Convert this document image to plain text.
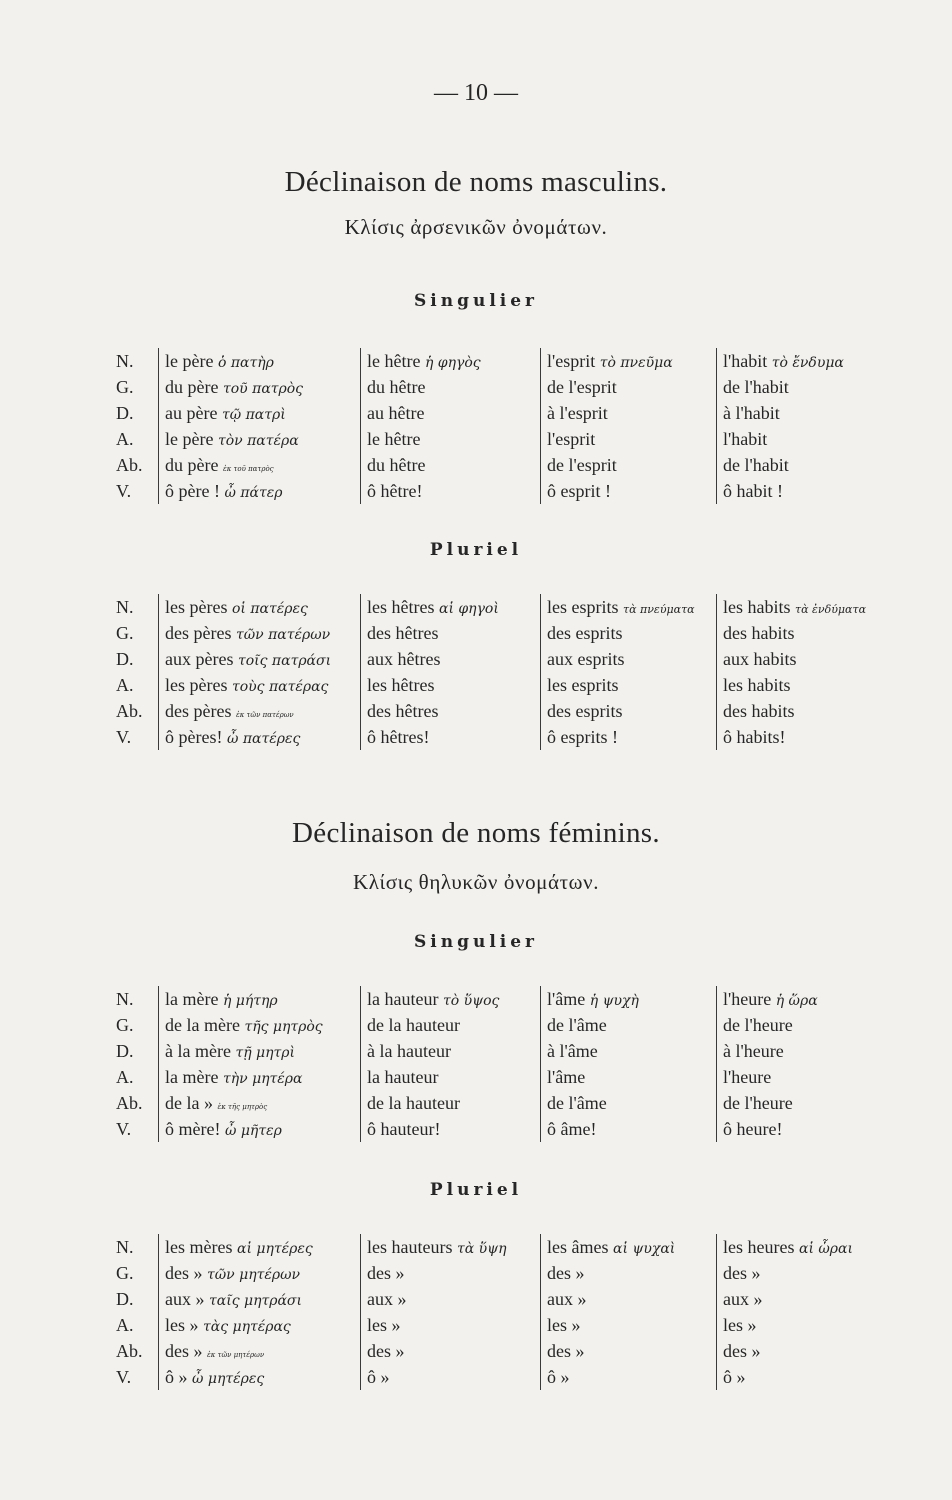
— 10 —
Déclinaison de noms masculins.
Κλίσις ἀρσενικῶν ὀνομάτων.
Singulier
N.	le père ὁ πατὴρ	le hêtre ἡ φηγὸς	l'esprit τὸ πνεῦμα	l'habit τὸ ἔνδυμα
G.	du père τοῦ πατρὸς	du hêtre	de l'esprit	de l'habit
D.	au père τῷ πατρὶ	au hêtre	à l'esprit	à l'habit
A.	le père τὸν πατέρα	le hêtre	l'esprit	l'habit
Ab.	du père ἐκ τοῦ πατρὸς	du hêtre	de l'esprit	de l'habit
V.	ô père ! ὦ πάτερ	ô hêtre!	ô esprit !	ô habit !
Pluriel
N.	les pères οἱ πατέρες	les hêtres αἱ φηγοὶ	les esprits τὰ πνεύματα	les habits τὰ ἐνδύματα
G.	des pères τῶν πατέρων	des hêtres	des esprits	des habits
D.	aux pères τοῖς πατράσι	aux hêtres	aux esprits	aux habits
A.	les pères τοὺς πατέρας	les hêtres	les esprits	les habits
Ab.	des pères ἐκ τῶν πατέρων	des hêtres	des esprits	des habits
V.	ô pères! ὦ πατέρες	ô hêtres!	ô esprits !	ô habits!
Déclinaison de noms féminins.
Κλίσις θηλυκῶν ὀνομάτων.
Singulier
N.	la mère ἡ μήτηρ	la hauteur τὸ ὕψος	l'âme ἡ ψυχὴ	l'heure ἡ ὥρα
G.	de la mère τῆς μητρὸς	de la hauteur	de l'âme	de l'heure
D.	à la mère τῇ μητρὶ	à la hauteur	à l'âme	à l'heure
A.	la mère τὴν μητέρα	la hauteur	l'âme	l'heure
Ab.	de la » ἐκ τῆς μητρὸς	de la hauteur	de l'âme	de l'heure
V.	ô mère! ὦ μῆτερ	ô hauteur!	ô âme!	ô heure!
Pluriel
N.	les mères αἱ μητέρες	les hauteurs τὰ ὕψη	les âmes αἱ ψυχαὶ	les heures αἱ ὧραι
G.	des » τῶν μητέρων	des »	des »	des »
D.	aux » ταῖς μητράσι	aux »	aux »	aux »
A.	les » τὰς μητέρας	les »	les »	les »
Ab.	des » ἐκ τῶν μητέρων	des »	des »	des »
V.	ô » ὦ μητέρες	ô »	ô »	ô »
